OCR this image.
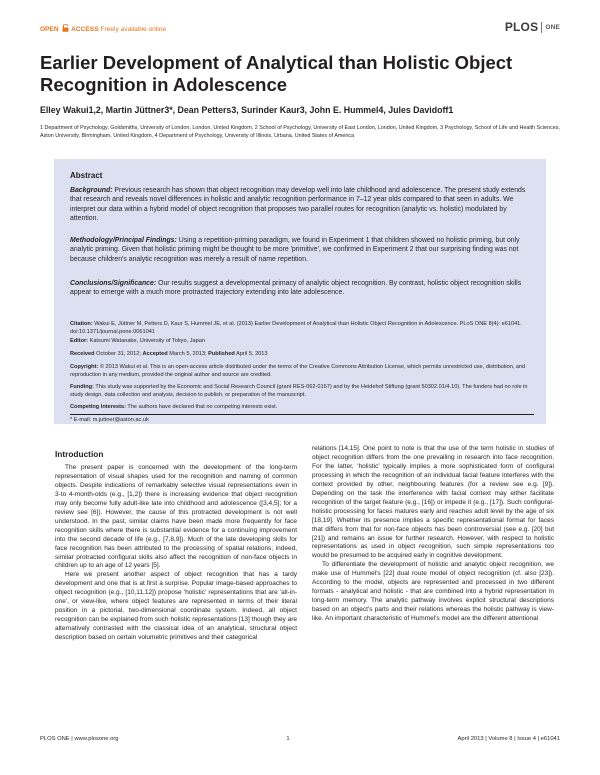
OPEN ACCESS Freely available online	PLOS ONE
Earlier Development of Analytical than Holistic Object Recognition in Adolescence
Elley Wakui1,2, Martin Jüttner3*, Dean Petters3, Surinder Kaur3, John E. Hummel4, Jules Davidoff1
1 Department of Psychology, Goldsmiths, University of London, London, United Kingdom, 2 School of Psychology, University of East London, London, United Kingdom, 3 Psychology, School of Life and Health Sciences, Aston University, Birmingham, United Kingdom, 4 Department of Psychology, University of Illinois, Urbana, United States of America
Abstract

Background: Previous research has shown that object recognition may develop well into late childhood and adolescence. The present study extends that research and reveals novel differences in holistic and analytic recognition performance in 7–12 year olds compared to that seen in adults. We interpret our data within a hybrid model of object recognition that proposes two parallel routes for recognition (analytic vs. holistic) modulated by attention.

Methodology/Principal Findings: Using a repetition-priming paradigm, we found in Experiment 1 that children showed no holistic priming, but only analytic priming. Given that holistic priming might be thought to be more 'primitive', we confirmed in Experiment 2 that our surprising finding was not because children's analytic recognition was merely a result of name repetition.

Conclusions/Significance: Our results suggest a developmental primacy of analytic object recognition. By contrast, holistic object recognition skills appear to emerge with a much more protracted trajectory extending into late adolescence.

Citation: Wakui E, Jüttner M, Petters D, Kaur S, Hummel JE, et al. (2013) Earlier Development of Analytical than Holistic Object Recognition in Adolescence. PLoS ONE 8(4): e61041. doi:10.1371/journal.pone.0061041

Editor: Katsumi Watanabe, University of Tokyo, Japan

Received October 31, 2012; Accepted March 5, 2013; Published April 5, 2013

Copyright: © 2013 Wakui et al. This is an open-access article distributed under the terms of the Creative Commons Attribution License, which permits unrestricted use, distribution, and reproduction in any medium, provided the original author and source are credited.

Funding: This study was supported by the Economic and Social Research Council (grant RES-062-0167) and by the Heidehof Stiftung (grant 50302.01/4.10). The funders had no role in study design, data collection and analysis, decision to publish, or preparation of the manuscript.

Competing Interests: The authors have declared that no competing interests exist.

* E-mail: m.juttner@aston.ac.uk

Introduction

The present paper is concerned with the development of the long-term representation of visual shapes used for the recognition and naming of common objects. Despite indications of remarkably selective visual representations even in 3-to 4-month-olds (e.g., [1,2]) there is increasing evidence that object recognition may only become fully adult-like late into childhood and adolescence ([3,4,5]; for a review see [6]). However, the cause of this protracted development is not well understood. In the past, similar claims have been made more frequently for face recognition skills where there is substantial evidence for a continuing improvement into the second decade of life (e.g., [7,8,9]). Much of the late developing skills for face recognition has been attributed to the processing of spatial relations; indeed, similar protracted configural skills also affect the recognition of non-face objects in children up to an age of 12 years [5].

Here we present another aspect of object recognition that has a tardy development and one that is at first a surprise. Popular image-based approaches to object recognition (e.g., [10,11,12]) propose 'holistic' representations that are 'all-in-one', or view-like, where object features are represented in terms of their literal position in a pictorial, two-dimensional coordinate system. Indeed, all object recognition can be explained from such holistic representations [13] though they are alternatively contrasted with the classical idea of an analytical, structural object description based on certain volumetric primitives and their categorical

relations [14,15]. One point to note is that the use of the term holistic in studies of object recognition differs from the one prevailing in research into face recognition. For the latter, 'holistic' typically implies a more sophisticated form of configural processing in which the recognition of an individual facial feature interferes with the context provided by other, neighbouring features (for a review see e.g. [9]). Depending on the task the interference with facial context may either facilitate recognition of the target feature (e.g., [16]) or impede it (e.g., [17]). Such configural-holistic processing for faces matures early and reaches adult level by the age of six [18,19]. Whether its presence implies a specific representational format for faces that differs from that for non-face objects has been controversial (see e.g. [20] but [21]) and remains an issue for further research. However, with respect to holistic representations as used in object recognition, such simple representations too would be presumed to be acquired early in cognitive development.

To differentiate the development of holistic and analytic object recognition, we make use of Hummel's [22] dual route model of object recognition (cf. also [23]). According to the model, objects are represented and processed in two different formats - analytical and holistic - that are combined into a hybrid representation in long-term memory. The analytic pathway involves explicit structural descriptions based on an object's parts and their relations whereas the holistic pathway is view-like. An important characteristic of Hummel's model are the different attentional

PLOS ONE | www.plosone.org	1	April 2013 | Volume 8 | Issue 4 | e61041
